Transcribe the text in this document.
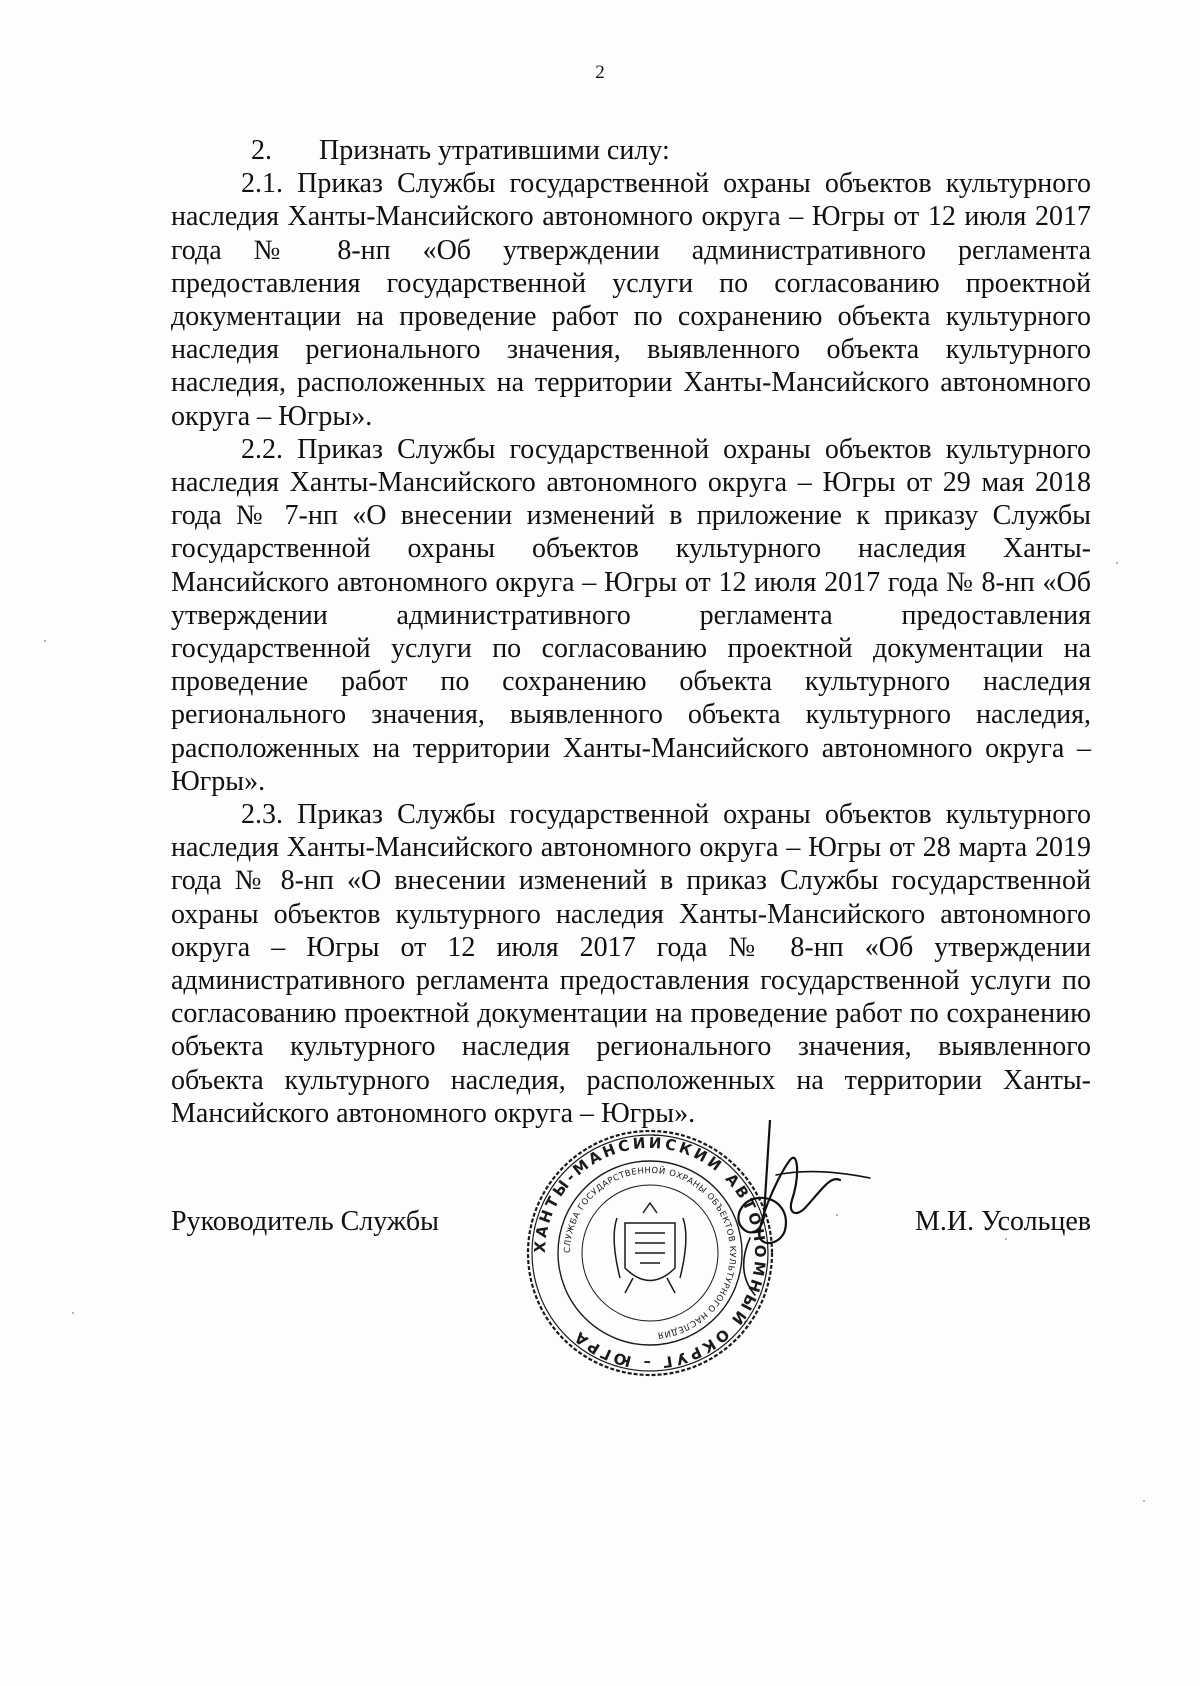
2

2. Признать утратившими силу:

2.1. Приказ Службы государственной охраны объектов культурного наследия Ханты-Мансийского автономного округа – Югры от 12 июля 2017 года № 8-нп «Об утверждении административного регламента предоставления государственной услуги по согласованию проектной документации на проведение работ по сохранению объекта культурного наследия регионального значения, выявленного объекта культурного наследия, расположенных на территории Ханты-Мансийского автономного округа – Югры».

2.2. Приказ Службы государственной охраны объектов культурного наследия Ханты-Мансийского автономного округа – Югры от 29 мая 2018 года № 7-нп «О внесении изменений в приложение к приказу Службы государственной охраны объектов культурного наследия Ханты-Мансийского автономного округа – Югры от 12 июля 2017 года № 8-нп «Об утверждении административного регламента предоставления государственной услуги по согласованию проектной документации на проведение работ по сохранению объекта культурного наследия регионального значения, выявленного объекта культурного наследия, расположенных на территории Ханты-Мансийского автономного округа – Югры».

2.3. Приказ Службы государственной охраны объектов культурного наследия Ханты-Мансийского автономного округа – Югры от 28 марта 2019 года № 8-нп «О внесении изменений в приказ Службы государственной охраны объектов культурного наследия Ханты-Мансийского автономного округа – Югры от 12 июля 2017 года № 8-нп «Об утверждении административного регламента предоставления государственной услуги по согласованию проектной документации на проведение работ по сохранению объекта культурного наследия регионального значения, выявленного объекта культурного наследия, расположенных на территории Ханты-Мансийского автономного округа – Югры».

Руководитель Службы	М.И. Усольцев
ХАНТЫ-МАНСИЙСКИЙ АВТОНОМНЫЙ ОКРУГ – ЮГРА
СЛУЖБА ГОСУДАРСТВЕННОЙ ОХРАНЫ ОБЪЕКТОВ КУЛЬТУРНОГО НАСЛЕДИЯ
